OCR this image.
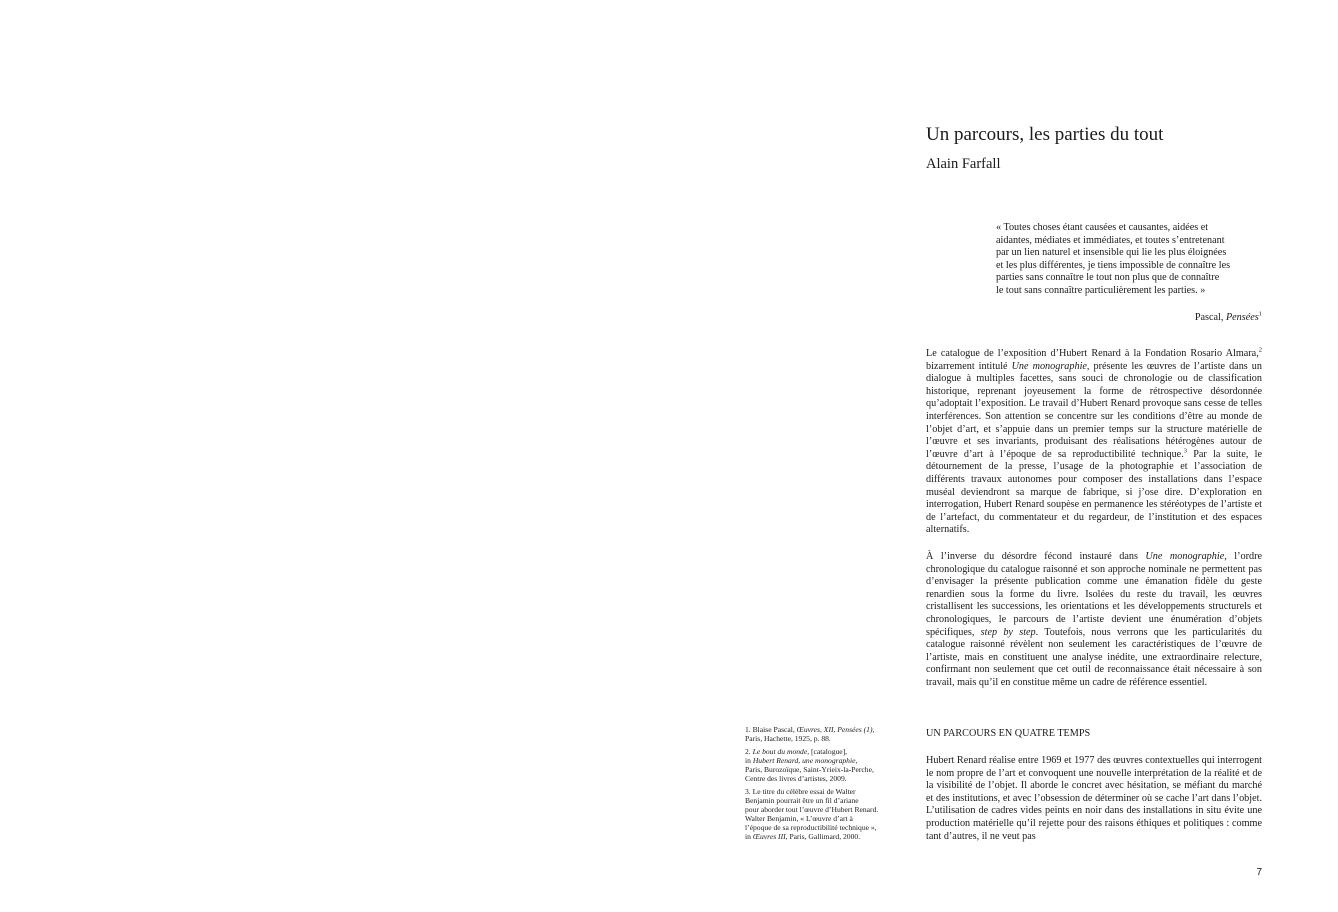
Un parcours, les parties du tout
Alain Farfall
« Toutes choses étant causées et causantes, aidées et
aidantes, médiates et immédiates, et toutes s’entretenant
par un lien naturel et insensible qui lie les plus éloignées
et les plus différentes, je tiens impossible de connaître les
parties sans connaître le tout non plus que de connaître
le tout sans connaître particulièrement les parties. »
Pascal, Pensées$^1$

Le catalogue de l’exposition d’Hubert Renard à la Fondation Rosario Almara,$^2$ bizarrement intitulé Une monographie, présente les œuvres de l’artiste dans un dialogue à multiples facettes, sans souci de chronologie ou de classification historique, reprenant joyeusement la forme de rétrospective désordonnée qu’adoptait l’exposition. Le travail d’Hubert Renard provoque sans cesse de telles interférences. Son attention se concentre sur les conditions d’être au monde de l’objet d’art, et s’appuie dans un premier temps sur la structure matérielle de l’œuvre et ses invariants, produisant des réalisations hétérogènes autour de l’œuvre d’art à l’époque de sa reproductibilité technique.$^3$ Par la suite, le détournement de la presse, l’usage de la photographie et l’association de différents travaux autonomes pour composer des installations dans l’espace muséal deviendront sa marque de fabrique, si j’ose dire. D’exploration en interrogation, Hubert Renard soupèse en permanence les stéréotypes de l’artiste et de l’artefact, du commentateur et du regardeur, de l’institution et des espaces alternatifs.

À l’inverse du désordre fécond instauré dans Une monographie, l’ordre chronologique du catalogue raisonné et son approche nominale ne permettent pas d’envisager la présente publication comme une émanation fidèle du geste renardien sous la forme du livre. Isolées du reste du travail, les œuvres cristallisent les successions, les orientations et les développements structurels et chronologiques, le parcours de l’artiste devient une énumération d’objets spécifiques, step by step. Toutefois, nous verrons que les particularités du catalogue raisonné révèlent non seulement les caractéristiques de l’œuvre de l’artiste, mais en constituent une analyse inédite, une extraordinaire relecture, confirmant non seulement que cet outil de reconnaissance était nécessaire à son travail, mais qu’il en constitue même un cadre de référence essentiel.

UN PARCOURS EN QUATRE TEMPS

Hubert Renard réalise entre 1969 et 1977 des œuvres contextuelles qui interrogent le nom propre de l’art et convoquent une nouvelle interprétation de la réalité et de la visibilité de l’objet. Il aborde le concret avec hésitation, se méfiant du marché et des institutions, et avec l’obsession de déterminer où se cache l’art dans l’objet. L’utilisation de cadres vides peints en noir dans des installations in situ évite une production matérielle qu’il rejette pour des raisons éthiques et politiques : comme tant d’autres, il ne veut pas

1. Blaise Pascal, Œuvres, XII, Pensées (1),
Paris, Hachette, 1925, p. 88.
2. Le bout du monde, [catalogue],
in Hubert Renard, une monographie,
Paris, Burozoïque, Saint-Yrieix-la-Perche,
Centre des livres d’artistes, 2009.
3. Le titre du célèbre essai de Walter
Benjamin pourrait être un fil d’ariane
pour aborder tout l’œuvre d’Hubert Renard.
Walter Benjamin, « L’œuvre d’art à
l’époque de sa reproductibilité technique »,
in Œuvres III, Paris, Gallimard, 2000.
7
